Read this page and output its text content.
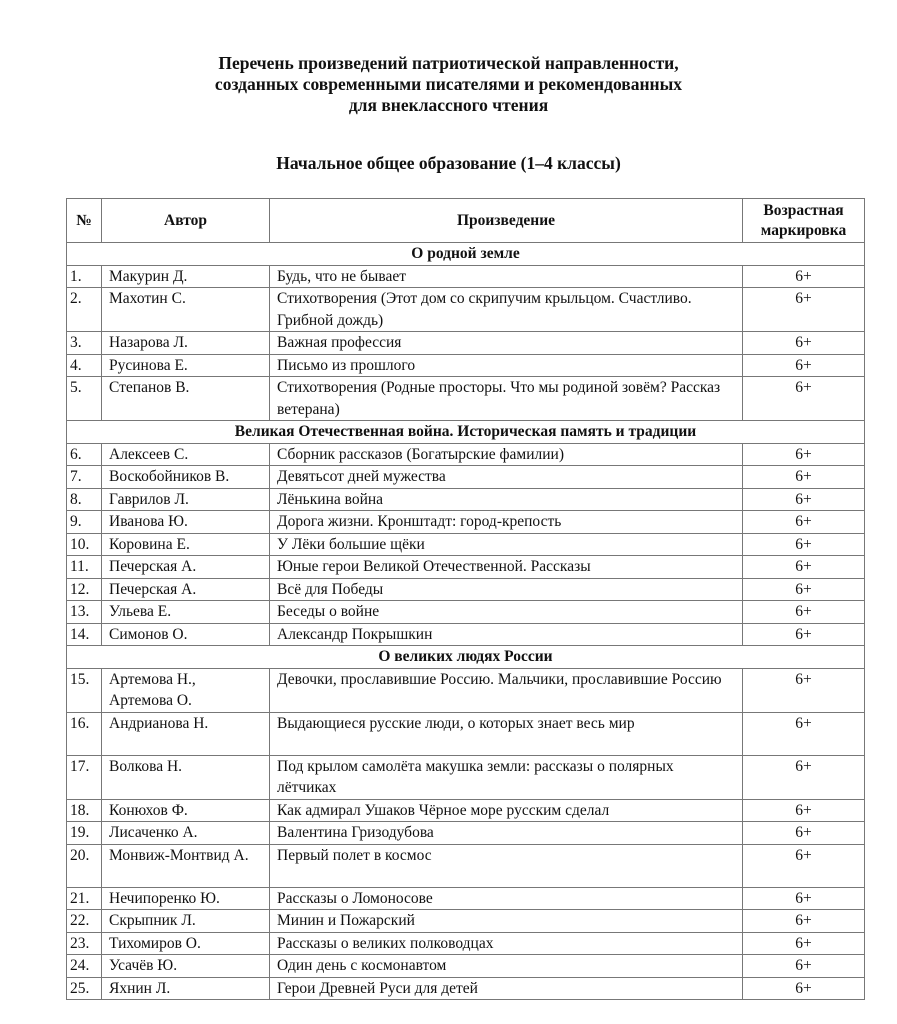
Перечень произведений патриотической направленности,
созданных современными писателями и рекомендованных
для внеклассного чтения
Начальное общее образование (1–4 классы)
№	Автор	Произведение	Возрастная
маркировка

О родной земле			
1.	Макурин Д.	Будь, что не бывает	6+
2.	Махотин С.	Стихотворения (Этот дом со скрипучим крыльцом. Счастливо. Грибной дождь)	6+
3.	Назарова Л.	Важная профессия	6+
4.	Русинова Е.	Письмо из прошлого	6+
5.	Степанов В.	Стихотворения (Родные просторы. Что мы родиной зовём? Рассказ ветерана)	6+
Великая Отечественная война. Историческая память и традиции			
6.	Алексеев С.	Сборник рассказов (Богатырские фамилии)	6+
7.	Воскобойников В.	Девятьсот дней мужества	6+
8.	Гаврилов Л.	Лёнькина война	6+
9.	Иванова Ю.	Дорога жизни. Кронштадт: город-крепость	6+
10.	Коровина Е.	У Лёки большие щёки	6+
11.	Печерская А.	Юные герои Великой Отечественной. Рассказы	6+
12.	Печерская А.	Всё для Победы	6+
13.	Ульева Е.	Беседы о войне	6+
14.	Симонов О.	Александр Покрышкин	6+
О великих людях России			
15.	Артемова Н., Артемова О.	Девочки, прославившие Россию. Мальчики, прославившие Россию	6+
16.	Андрианова Н.	Выдающиеся русские люди, о которых знает весь мир	6+
17.	Волкова Н.	Под крылом самолёта макушка земли: рассказы о полярных лётчиках	6+
18.	Конюхов Ф.	Как адмирал Ушаков Чёрное море русским сделал	6+
19.	Лисаченко А.	Валентина Гризодубова	6+
20.	Монвиж-Монтвид А.	Первый полет в космос	6+
21.	Нечипоренко Ю.	Рассказы о Ломоносове	6+
22.	Скрыпник Л.	Минин и Пожарский	6+
23.	Тихомиров О.	Рассказы о великих полководцах	6+
24.	Усачёв Ю.	Один день с космонавтом	6+
25.	Яхнин Л.	Герои Древней Руси для детей	6+
